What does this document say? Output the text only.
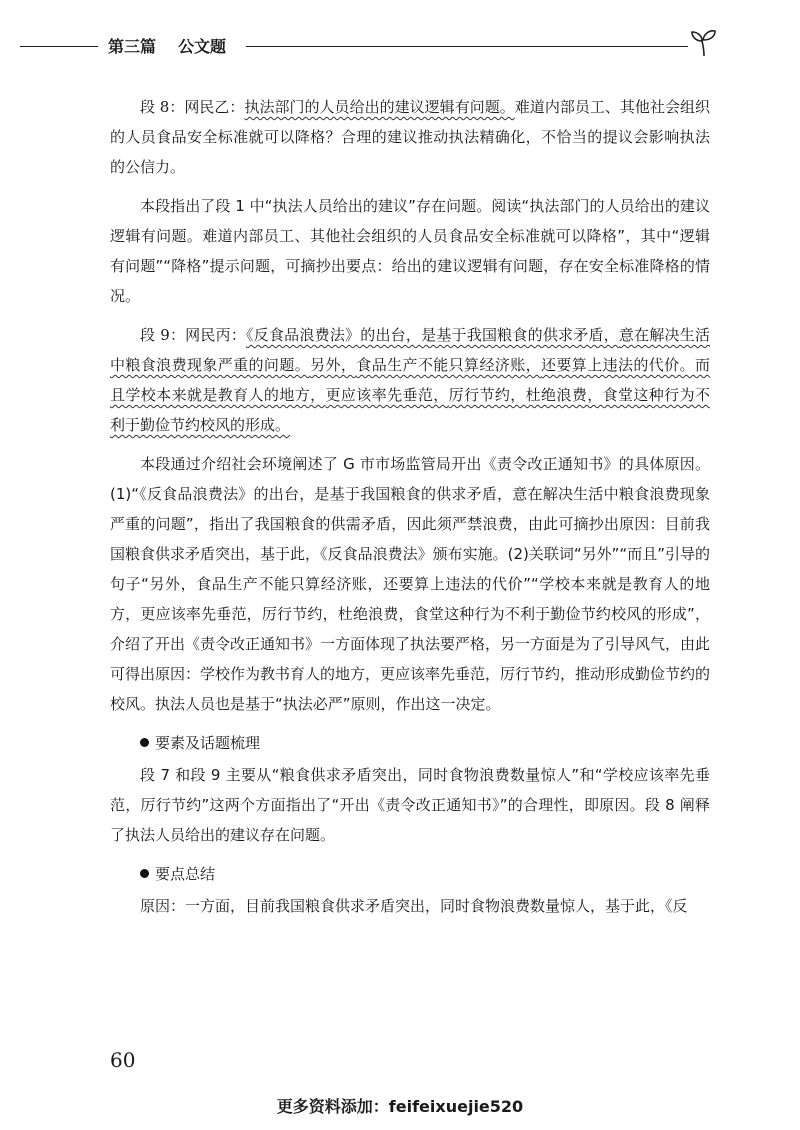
第三篇 公文题

段 8：网民乙：执法部门的人员给出的建议逻辑有问题。难道内部员工、其他社会组织的人员食品安全标准就可以降格？合理的建议推动执法精确化，不恰当的提议会影响执法的公信力。

本段指出了段 1 中“执法人员给出的建议”存在问题。阅读“执法部门的人员给出的建议逻辑有问题。难道内部员工、其他社会组织的人员食品安全标准就可以降格”，其中“逻辑有问题”“降格”提示问题，可摘抄出要点：给出的建议逻辑有问题，存在安全标准降格的情况。

段 9：网民丙：《反食品浪费法》的出台，是基于我国粮食的供求矛盾，意在解决生活中粮食浪费现象严重的问题。另外，食品生产不能只算经济账，还要算上违法的代价。而且学校本来就是教育人的地方，更应该率先垂范，厉行节约，杜绝浪费，食堂这种行为不利于勤俭节约校风的形成。

本段通过介绍社会环境阐述了 G 市市场监管局开出《责令改正通知书》的具体原因。(1)“《反食品浪费法》的出台，是基于我国粮食的供求矛盾，意在解决生活中粮食浪费现象严重的问题”，指出了我国粮食的供需矛盾，因此须严禁浪费，由此可摘抄出原因：目前我国粮食供求矛盾突出，基于此，《反食品浪费法》颁布实施。(2)关联词“另外”“而且”引导的句子“另外，食品生产不能只算经济账，还要算上违法的代价”“学校本来就是教育人的地方，更应该率先垂范，厉行节约，杜绝浪费，食堂这种行为不利于勤俭节约校风的形成”，介绍了开出《责令改正通知书》一方面体现了执法要严格，另一方面是为了引导风气，由此可得出原因：学校作为教书育人的地方，更应该率先垂范，厉行节约，推动形成勤俭节约的校风。执法人员也是基于“执法必严”原则，作出这一决定。

要素及话题梳理

段 7 和段 9 主要从“粮食供求矛盾突出，同时食物浪费数量惊人”和“学校应该率先垂范，厉行节约”这两个方面指出了“开出《责令改正通知书》”的合理性，即原因。段 8 阐释了执法人员给出的建议存在问题。

要点总结

原因：一方面，目前我国粮食供求矛盾突出，同时食物浪费数量惊人，基于此，《反

60
更多资料添加：feifeixuejie520
